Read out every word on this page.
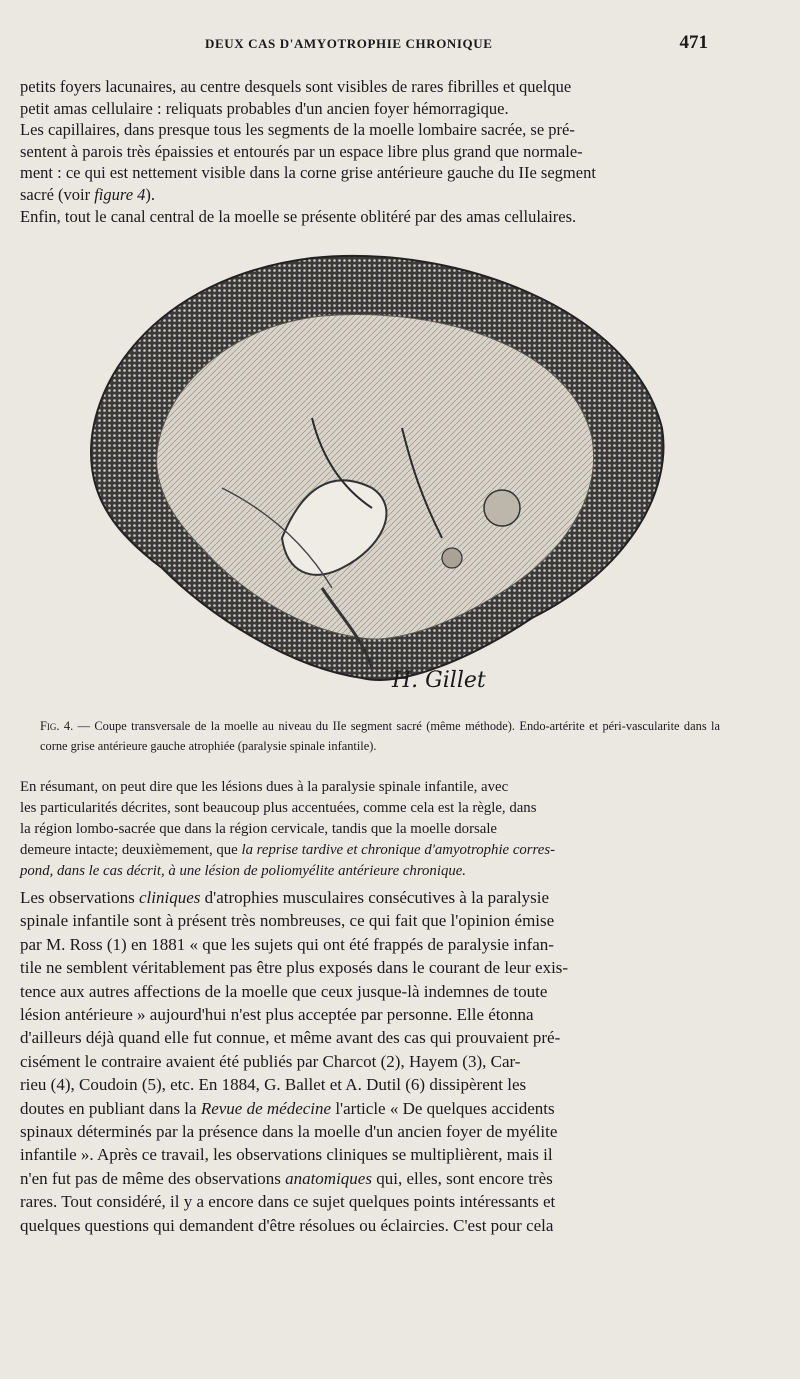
DEUX CAS D'AMYOTROPHIE CHRONIQUE	471

petits foyers lacunaires, au centre desquels sont visibles de rares fibrilles et quelque

petit amas cellulaire : reliquats probables d'un ancien foyer hémorragique.

Les capillaires, dans presque tous les segments de la moelle lombaire sacrée, se pré-

sentent à parois très épaissies et entourés par un espace libre plus grand que normale-

ment : ce qui est nettement visible dans la corne grise antérieure gauche du IIe segment

sacré (voir figure 4).

Enfin, tout le canal central de la moelle se présente oblitéré par des amas cellulaires.

H. Gillet

Fig. 4. — Coupe transversale de la moelle au niveau du IIe segment sacré (même méthode). Endo-artérite et péri-vascularite dans la corne grise antérieure gauche atrophiée (paralysie spinale infantile).

En résumant, on peut dire que les lésions dues à la paralysie spinale infantile, avec

les particularités décrites, sont beaucoup plus accentuées, comme cela est la règle, dans

la région lombo-sacrée que dans la région cervicale, tandis que la moelle dorsale

demeure intacte; deuxièmement, que la reprise tardive et chronique d'amyotrophie corres-

pond, dans le cas décrit, à une lésion de poliomyélite antérieure chronique.

Les observations cliniques d'atrophies musculaires consécutives à la paralysie

spinale infantile sont à présent très nombreuses, ce qui fait que l'opinion émise

par M. Ross (1) en 1881 « que les sujets qui ont été frappés de paralysie infan-

tile ne semblent véritablement pas être plus exposés dans le courant de leur exis-

tence aux autres affections de la moelle que ceux jusque-là indemnes de toute

lésion antérieure » aujourd'hui n'est plus acceptée par personne. Elle étonna

d'ailleurs déjà quand elle fut connue, et même avant des cas qui prouvaient pré-

cisément le contraire avaient été publiés par Charcot (2), Hayem (3), Car-

rieu (4), Coudoin (5), etc. En 1884, G. Ballet et A. Dutil (6) dissipèrent les

doutes en publiant dans la Revue de médecine l'article « De quelques accidents

spinaux déterminés par la présence dans la moelle d'un ancien foyer de myélite

infantile ». Après ce travail, les observations cliniques se multiplièrent, mais il

n'en fut pas de même des observations anatomiques qui, elles, sont encore très

rares. Tout considéré, il y a encore dans ce sujet quelques points intéressants et

quelques questions qui demandent d'être résolues ou éclaircies. C'est pour cela
